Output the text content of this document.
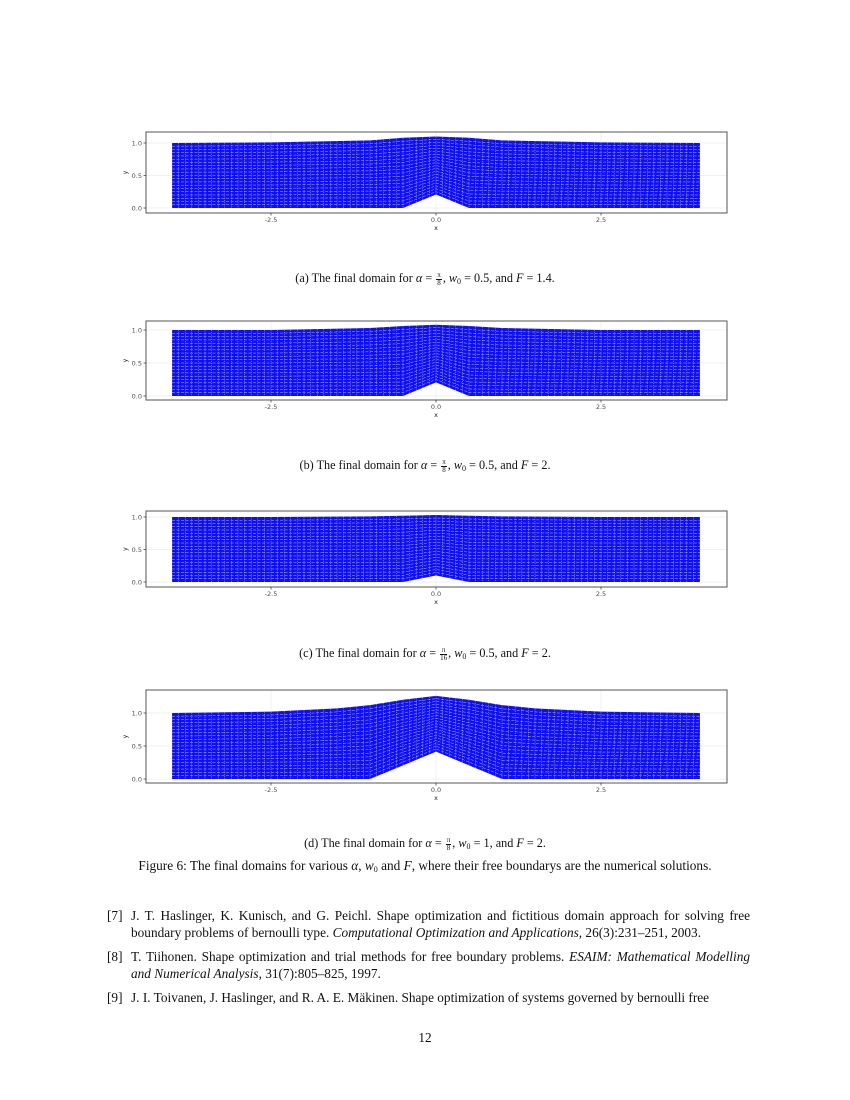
-2.5	0.0	2.5
0.0
0.5
1.0
x
y
(a) The final domain for $\alpha = \frac{\pi}{8}$ , $w_0 = 0.5$, and F = 1.4.
-2.5	0.0	2.5
0.0
0.5
1.0
x
y
(b) The final domain for $\alpha = \frac{\pi}{8}$ , $w_0 = 0.5$, and F = 2.
-2.5	0.0	2.5
0.0
0.5
1.0
x
y
(c) The final domain for $\alpha = \frac{\pi}{16}$ , $w_0 = 0.5$, and F = 2.
-2.5	0.0	2.5
0.0
0.5
1.0
x
y
(d) The final domain for $\alpha = \frac{\pi}{8}$ , $w_0 = 1$, and F = 2.
Figure 6: The final domains for various α, $w_0$ and F, where their free boundarys are the numerical solutions.
[7] J. T. Haslinger, K. Kunisch, and G. Peichl. Shape optimization and fictitious domain approach for solving free boundary problems of bernoulli type. Computational Optimization and Applications, 26(3):231–251, 2003.
[8] T. Tiihonen. Shape optimization and trial methods for free boundary problems. ESAIM: Mathematical Modelling and Numerical Analysis, 31(7):805–825, 1997.
[9] J. I. Toivanen, J. Haslinger, and R. A. E. Mäkinen. Shape optimization of systems governed by bernoulli free
12
